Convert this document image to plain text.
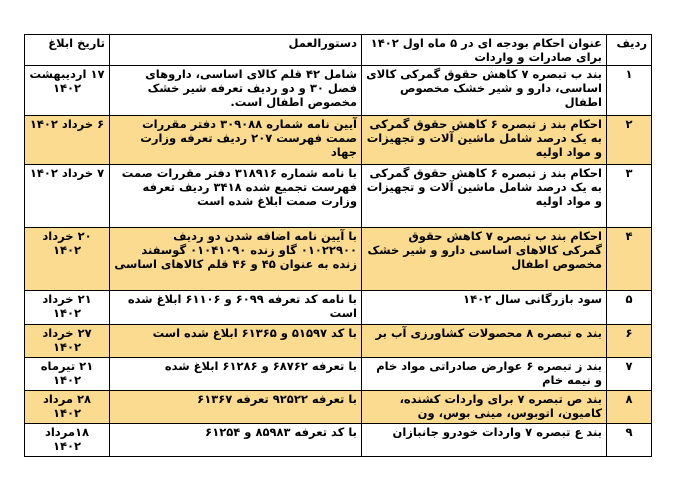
ردیف	عنوان احکام بودجه ای در ۵ ماه اول ۱۴۰۲ برای صادرات و واردات	دستورالعمل	تاریخ ابلاغ
۱	بند ب تبصره ۷ کاهش حقوق گمرکی کالای اساسی، دارو و شیر خشک مخصوص اطفال	شامل ۴۲ قلم کالای اساسی، داروهای فصل ۳۰ و دو ردیف تعرفه شیر خشک مخصوص اطفال است.	۱۷ اردیبهشت ۱۴۰۲
۲	احکام بند ز تبصره ۶ کاهش حقوق گمرکی به یک درصد شامل ماشین آلات و تجهیزات و مواد اولیه	آیین نامه شماره ۳۰۹۰۸۸ دفتر مقررات صمت فهرست ۲۰۷ ردیف تعرفه وزارت جهاد	۶ خرداد ۱۴۰۲
۳	احکام بند ز تبصره ۶ کاهش حقوق گمرکی به یک درصد شامل ماشین آلات و تجهیزات و مواد اولیه	با نامه شماره ۳۱۸۹۱۶ دفتر مقررات صمت فهرست تجمیع شده ۳۴۱۸ ردیف تعرفه وزارت صمت ابلاغ شده است	۷ خرداد ۱۴۰۲
۴	احکام بند ب تبصره ۷ کاهش حقوق گمرکی کالاهای اساسی دارو و شیر خشک مخصوص اطفال	با آیین نامه اضافه شدن دو ردیف ۰۱۰۲۲۹۰۰ گاو زنده ۰۱۰۴۱۰۹۰ گوسفند زنده به عنوان ۴۵ و ۴۶ قلم کالاهای اساسی	۲۰ خرداد ۱۴۰۲
۵	سود بازرگانی سال ۱۴۰۲	با نامه کد تعرفه ۶۰۹۹ و ۶۱۱۰۶ ابلاغ شده است	۲۱ خرداد ۱۴۰۲
۶	بند ه تبصره ۸ محصولات کشاورزی آب بر	با کد ۵۱۵۹۷ و ۶۱۳۶۵ ابلاغ شده است	۲۷ خرداد ۱۴۰۲
۷	بند ز تبصره ۶ عوارض صادراتی مواد خام و نیمه خام	با تعرفه ۶۸۷۶۲ و ۶۱۲۸۶ ابلاغ شده	۲۱ تیرماه ۱۴۰۲
۸	بند ص تبصره ۷ برای واردات کشنده، کامیون، اتوبوس، مینی بوس، ون	با تعرفه ۹۲۵۲۲ تعرفه ۶۱۳۶۷	۲۸ مرداد ۱۴۰۲
۹	بند ع تبصره ۷ واردات خودرو جانبازان	با کد تعرفه ۸۵۹۸۳ و ۶۱۲۵۴	۱۸مرداد ۱۴۰۲
